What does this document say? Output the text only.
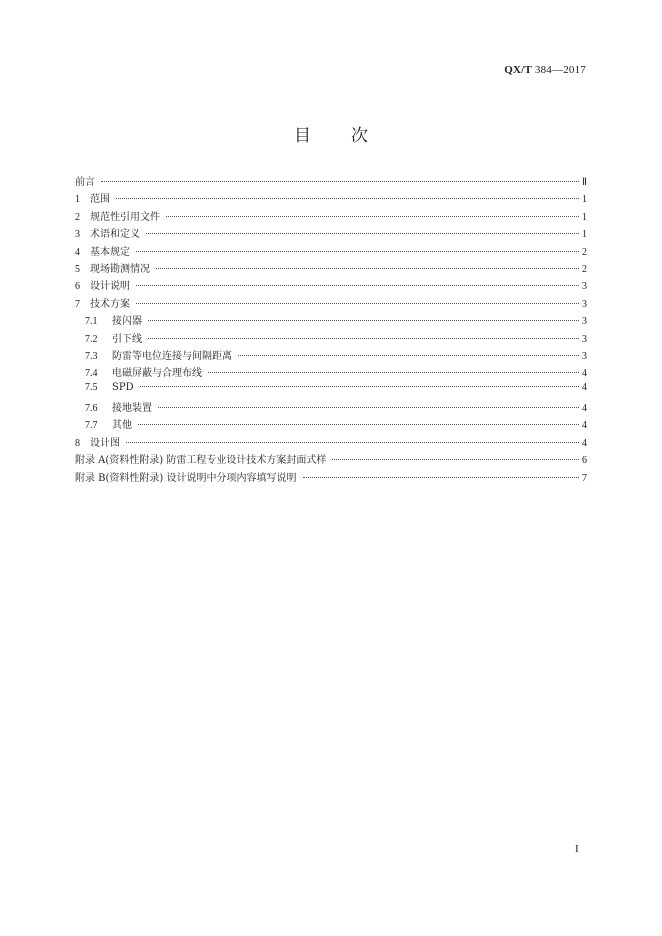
QX/T 384—2017
目次
前言	Ⅱ
1	范围	1
2	规范性引用文件	1
3	术语和定义	1
4	基本规定	2
5	现场勘测情况	2
6	设计说明	3
7	技术方案	3
7.1	接闪器	3
7.2	引下线	3
7.3	防雷等电位连接与间隔距离	3
7.4	电磁屏蔽与合理布线	4
7.5	SPD	4
7.6	接地装置	4
7.7	其他	4
8	设计图	4
附录 A(资料性附录) 防雷工程专业设计技术方案封面式样	6
附录 B(资料性附录) 设计说明中分项内容填写说明	7
I
